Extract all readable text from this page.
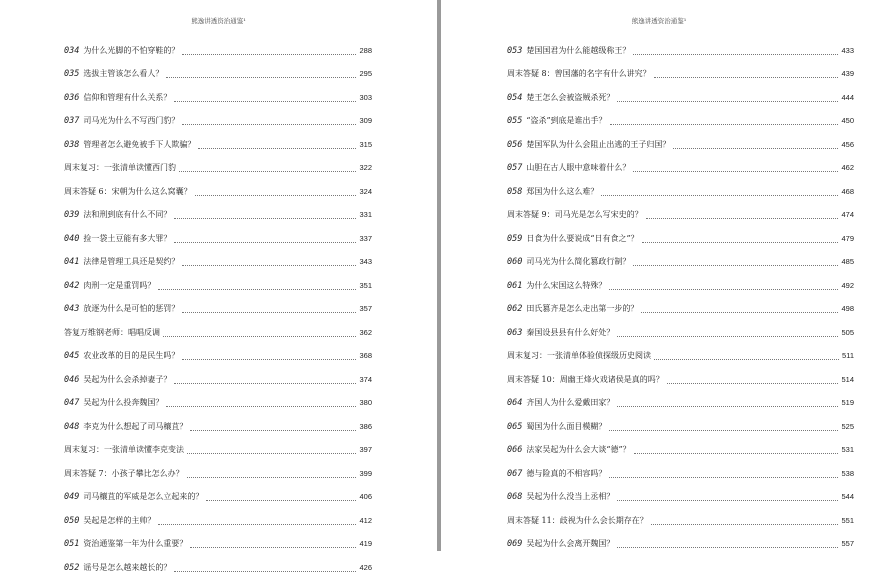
熊逸讲透资治通鉴¹
034 为什么光脚的不怕穿鞋的？	288
035 选拔主管该怎么看人？	295
036 信仰和管理有什么关系？	303
037 司马光为什么不写西门豹？	309
038 管理者怎么避免被手下人欺骗？	315
周末复习：一张清单读懂西门豹	322
周末答疑 6：宋朝为什么这么窝囊？	324
039 法和刑到底有什么不同？	331
040 捡一袋土豆能有多大罪？	337
041 法律是管理工具还是契约？	343
042 肉刑一定是重罚吗？	351
043 放逐为什么是可怕的惩罚？	357
答复万维钢老师：唱唱反调	362
045 农业改革的目的是民生吗？	368
046 吴起为什么会杀掉妻子？	374
047 吴起为什么投奔魏国？	380
048 李克为什么想起了司马穰苴？	386
周末复习：一张清单读懂李克变法	397
周末答疑 7：小孩子攀比怎么办？	399
049 司马穰苴的军威是怎么立起来的？	406
050 吴起是怎样的主帅？	412
051 资治通鉴第一年为什么重要？	419
052 谣号是怎么越来越长的？	426
熊逸讲透资治通鉴¹
053 楚国国君为什么能越级称王？	433
周末答疑 8：曾国藩的名字有什么讲究？	439
054 楚王怎么会被盗贼杀死？	444
055 “盗杀”到底是谁出手？	450
056 楚国军队为什么会阻止出逃的王子归国？	456
057 山胆在古人眼中意味着什么？	462
058 郑国为什么这么难？	468
周末答疑 9：司马光是怎么写宋史的？	474
059 日食为什么要说成“日有食之”？	479
060 司马光为什么简化篡政行制？	485
061 为什么宋国这么特殊？	492
062 田氏篡齐是怎么走出第一步的？	498
063 秦国设县县有什么好处？	505
周末复习：一张清单体验侦探级历史阅读	511
周末答疑 10：周幽王烽火戏诸侯是真的吗？	514
064 齐国人为什么爱戴田家？	519
065 蜀国为什么面目模糊？	525
066 法家吴起为什么会大谈“德”？	531
067 德与险真的不相容吗？	538
068 吴起为什么没当上丞相？	544
周末答疑 11：歧视为什么会长期存在？	551
069 吴起为什么会离开魏国？	557
